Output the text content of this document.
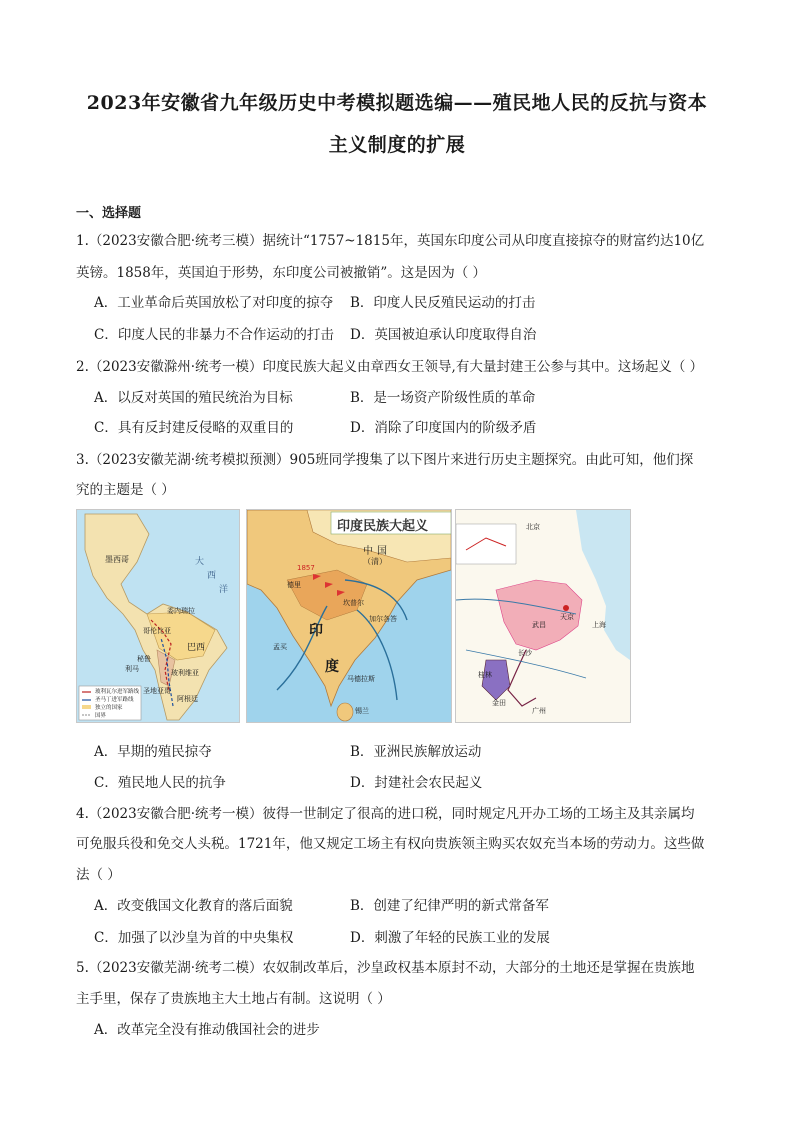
2023年安徽省九年级历史中考模拟题选编——殖民地人民的反抗与资本
主义制度的扩展
一、选择题
1.（2023安徽合肥·统考三模）据统计“1757~1815年，英国东印度公司从印度直接掠夺的财富约达10亿
英镑。1858年，英国迫于形势，东印度公司被撤销”。这是因为（ ）
A．工业革命后英国放松了对印度的掠夺 B．印度人民反殖民运动的打击
C．印度人民的非暴力不合作运动的打击 D．英国被迫承认印度取得自治
2.（2023安徽滁州·统考一模）印度民族大起义由章西女王领导,有大量封建王公参与其中。这场起义（ ）
A．以反对英国的殖民统治为目标	B．是一场资产阶级性质的革命
C．具有反封建反侵略的双重目的	D．消除了印度国内的阶级矛盾
3.（2023安徽芜湖·统考模拟预测）905班同学搜集了以下图片来进行历史主题探究。由此可知，他们探
究的主题是（ ）
墨西哥
委内瑞拉
哥伦比亚
秘鲁
巴西
玻利维亚
利马
阿根廷
圣地亚哥
大
西
洋
玻利瓦尔进军路线
圣马丁进军路线
独立的国家
国界
印度民族大起义
中 国
（清）
德里
1857
坎普尔
印
度
加尔各答
孟买
马德拉斯
锡兰
北京
天京
上海
武昌
长沙
广州
桂林
金田
A．早期的殖民掠夺	B．亚洲民族解放运动
C．殖民地人民的抗争	D．封建社会农民起义
4.（2023安徽合肥·统考一模）彼得一世制定了很高的进口税，同时规定凡开办工场的工场主及其亲属均
可免服兵役和免交人头税。1721年，他又规定工场主有权向贵族领主购买农奴充当本场的劳动力。这些做
法（ ）
A．改变俄国文化教育的落后面貌	B．创建了纪律严明的新式常备军
C．加强了以沙皇为首的中央集权	D．刺激了年轻的民族工业的发展
5.（2023安徽芜湖·统考二模）农奴制改革后，沙皇政权基本原封不动，大部分的土地还是掌握在贵族地
主手里，保存了贵族地主大土地占有制。这说明（ ）
A．改革完全没有推动俄国社会的进步
